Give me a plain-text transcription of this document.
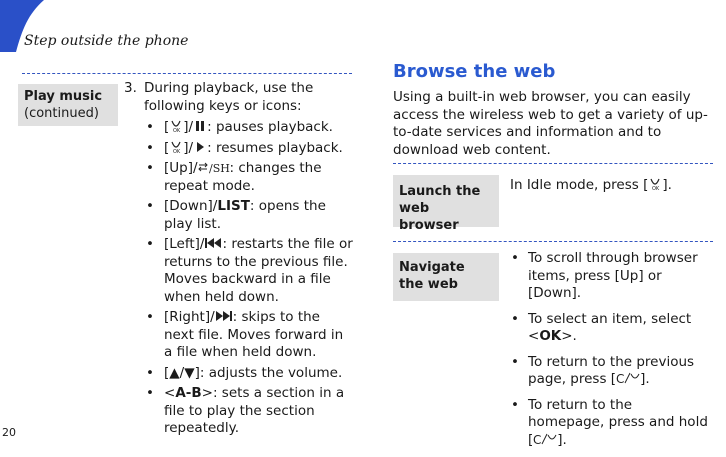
Step outside the phone
Play music
(continued)
3. During playback, use the following keys or icons:
• [ OK ]/ : pauses playback.
• [ OK ]/ : resumes playback.
• [Up]/ /SH : changes the repeat mode.
• [Down]/LIST: opens the play list.
• [Left]/ : restarts the file or returns to the previous file. Moves backward in a file when held down.
• [Right]/ : skips to the next file. Moves forward in a file when held down.
• [▲/▼]: adjusts the volume.
• <A-B>: sets a section in a file to play the section repeatedly.
Browse the web

Using a built-in web browser, you can easily access the wireless web to get a variety of up-to-date services and information and to download web content.

Launch the web browser
In Idle mode, press [ OK ].
Navigate the web
• To scroll through browser items, press [Up] or [Down].
• To select an item, select <OK>.
• To return to the previous page, press [ C ].
• To return to the homepage, press and hold [ C ].
20
